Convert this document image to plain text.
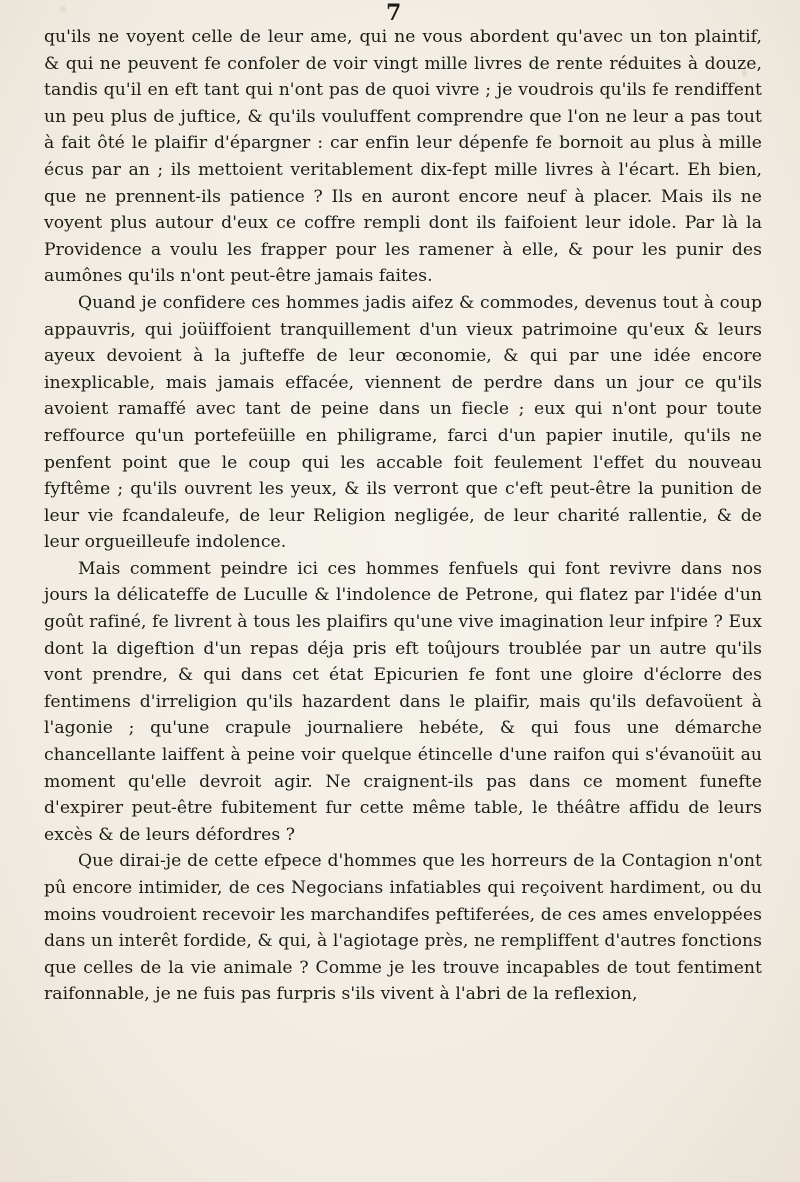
7

qu'ils ne voyent celle de leur ame, qui ne vous abordent qu'avec un ton plaintif, & qui ne peuvent fe confoler de voir vingt mille livres de rente réduites à douze, tandis qu'il en eft tant qui n'ont pas de quoi vivre ; je voudrois qu'ils fe rendiffent un peu plus de juftice, & qu'ils vouluffent comprendre que l'on ne leur a pas tout à fait ôté le plaifir d'épargner : car enfin leur dépenfe fe bornoit au plus à mille écus par an ; ils mettoient veritablement dix-fept mille livres à l'écart. Eh bien, que ne prennent-ils patience ? Ils en auront encore neuf à placer. Mais ils ne voyent plus autour d'eux ce coffre rempli dont ils faifoient leur idole. Par là la Providence a voulu les frapper pour les ramener à elle, & pour les punir des aumônes qu'ils n'ont peut-être jamais faites.

Quand je confidere ces hommes jadis aifez & commodes, devenus tout à coup appauvris, qui joüiffoient tranquillement d'un vieux patrimoine qu'eux & leurs ayeux devoient à la jufteffe de leur œconomie, & qui par une idée encore inexplicable, mais jamais effacée, viennent de perdre dans un jour ce qu'ils avoient ramaffé avec tant de peine dans un fiecle ; eux qui n'ont pour toute reffource qu'un portefeüille en philigrame, farci d'un papier inutile, qu'ils ne penfent point que le coup qui les accable foit feulement l'effet du nouveau fyftême ; qu'ils ouvrent les yeux, & ils verront que c'eft peut-être la punition de leur vie fcandaleufe, de leur Religion negligée, de leur charité rallentie, & de leur orgueilleufe indolence.

Mais comment peindre ici ces hommes fenfuels qui font revivre dans nos jours la délicateffe de Luculle & l'indolence de Petrone, qui flatez par l'idée d'un goût rafiné, fe livrent à tous les plaifirs qu'une vive imagination leur infpire ? Eux dont la digeftion d'un repas déja pris eft toûjours troublée par un autre qu'ils vont prendre, & qui dans cet état Epicurien fe font une gloire d'éclorre des fentimens d'irreligion qu'ils hazardent dans le plaifir, mais qu'ils defavoüent à l'agonie ; qu'une crapule journaliere hebéte, & qui fous une démarche chancellante laiffent à peine voir quelque étincelle d'une raifon qui s'évanoüit au moment qu'elle devroit agir. Ne craignent-ils pas dans ce moment funefte d'expirer peut-être fubitement fur cette même table, le théâtre affidu de leurs excès & de leurs défordres ?

Que dirai-je de cette efpece d'hommes que les horreurs de la Contagion n'ont pû encore intimider, de ces Negocians infatiables qui reçoivent hardiment, ou du moins voudroient recevoir les marchandifes peftiferées, de ces ames enveloppées dans un interêt fordide, & qui, à l'agiotage près, ne rempliffent d'autres fonctions que celles de la vie animale ? Comme je les trouve incapables de tout fentiment raifonnable, je ne fuis pas furpris s'ils vivent à l'abri de la reflexion,
